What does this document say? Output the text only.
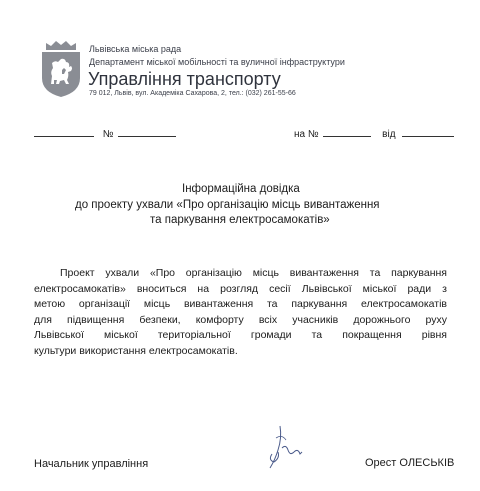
Львівська міська рада
Департамент міської мобільності та вуличної інфраструктури
Управління транспорту
79 012, Львів, вул. Академіка Сахарова, 2, тел.: (032) 261-55-66
№	на №	від
Інформаційна довідка
до проекту ухвали «Про організацію місць вивантаження
та паркування електросамокатів»
Проект ухвали «Про організацію місць вивантаження та паркування
електросамокатів» вноситься на розгляд сесії Львівської міської ради з
метою організації місць вивантаження та паркування електросамокатів
для підвищення безпеки, комфорту всіх учасників дорожнього руху
Львівської міської територіальної громади та покращення рівня
культури використання електросамокатів.
Начальник управління	Орест ОЛЕСЬКІВ
